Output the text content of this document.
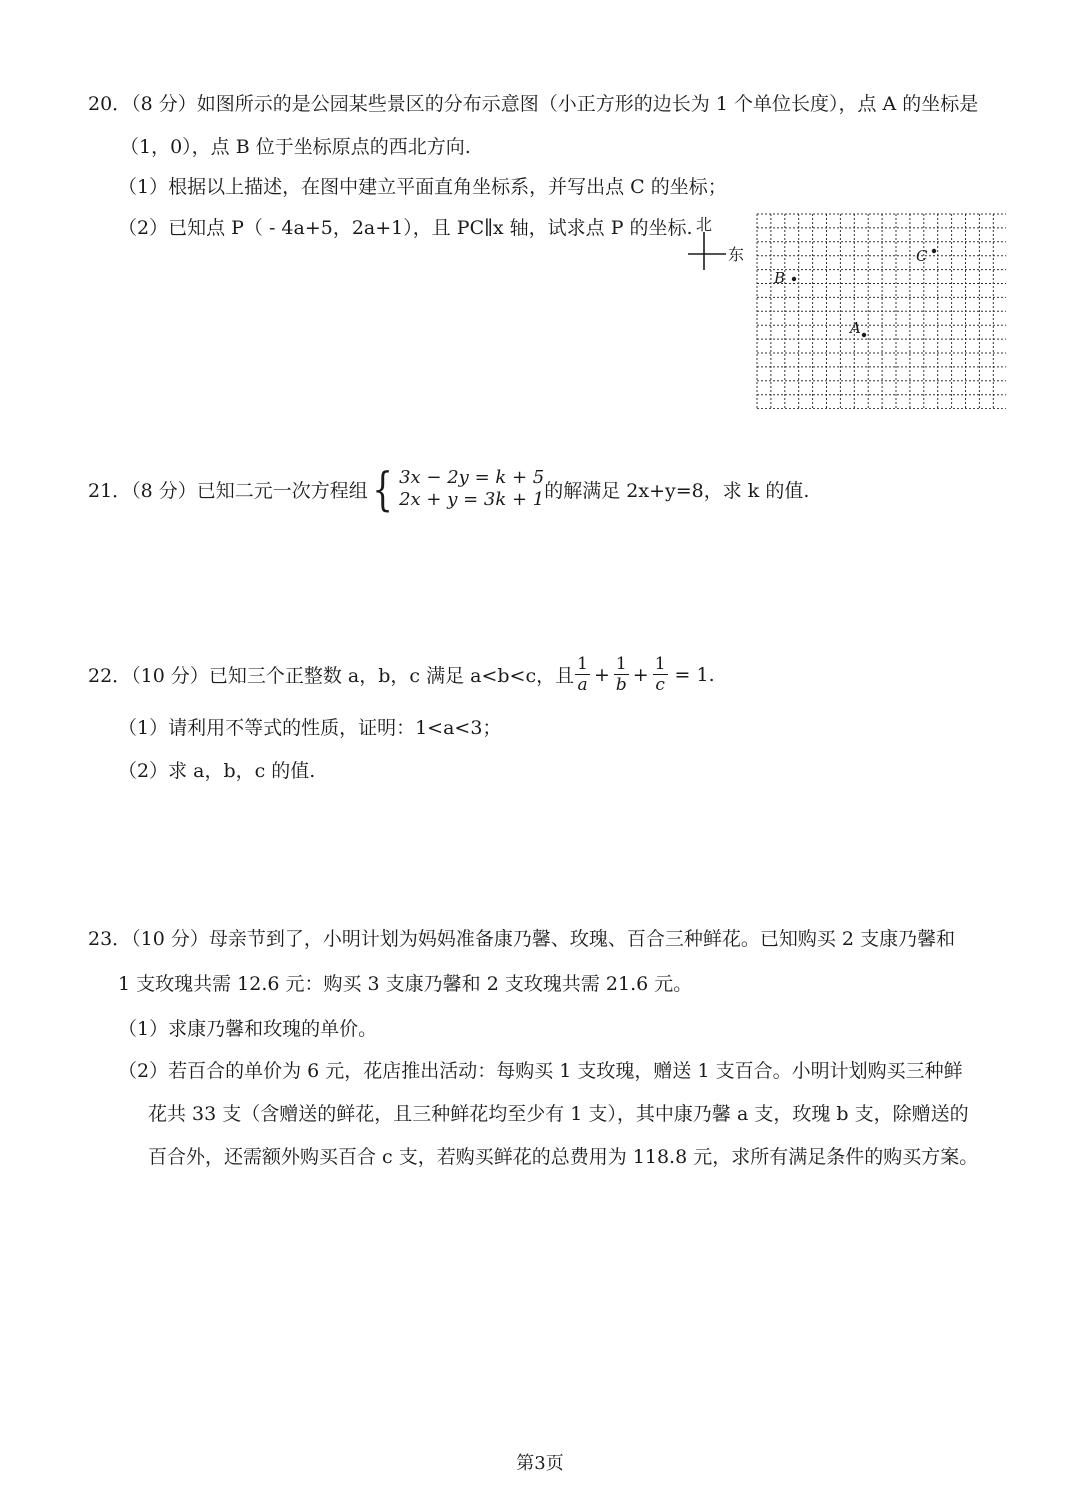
20．（8 分）如图所示的是公园某些景区的分布示意图（小正方形的边长为 1 个单位长度），点 A 的坐标是
（1，0），点 B 位于坐标原点的西北方向.
（1）根据以上描述，在图中建立平面直角坐标系，并写出点 C 的坐标；
（2）已知点 P（ - 4a+5，2a+1），且 PC∥x 轴，试求点 P 的坐标. 北
东
B
A
C
21．（8 分）已知二元一次方程组 { 3x − 2y = k + 5
2x + y = 3k + 1 的解满足 2x+y=8，求 k 的值.
22．（10 分）已知三个正整数 a，b，c 满足 a<b<c，且 $\frac{1}{a} + \frac{1}{b} + \frac{1}{c} = 1$.
（1）请利用不等式的性质，证明：1<a<3；
（2）求 a，b，c 的值.
23．（10 分）母亲节到了，小明计划为妈妈准备康乃馨、玫瑰、百合三种鲜花。已知购买 2 支康乃馨和
1 支玫瑰共需 12.6 元：购买 3 支康乃馨和 2 支玫瑰共需 21.6 元。
（1）求康乃馨和玫瑰的单价。
（2）若百合的单价为 6 元，花店推出活动：每购买 1 支玫瑰，赠送 1 支百合。小明计划购买三种鲜
花共 33 支（含赠送的鲜花，且三种鲜花均至少有 1 支），其中康乃馨 a 支，玫瑰 b 支，除赠送的
百合外，还需额外购买百合 c 支，若购买鲜花的总费用为 118.8 元，求所有满足条件的购买方案。
第3页
